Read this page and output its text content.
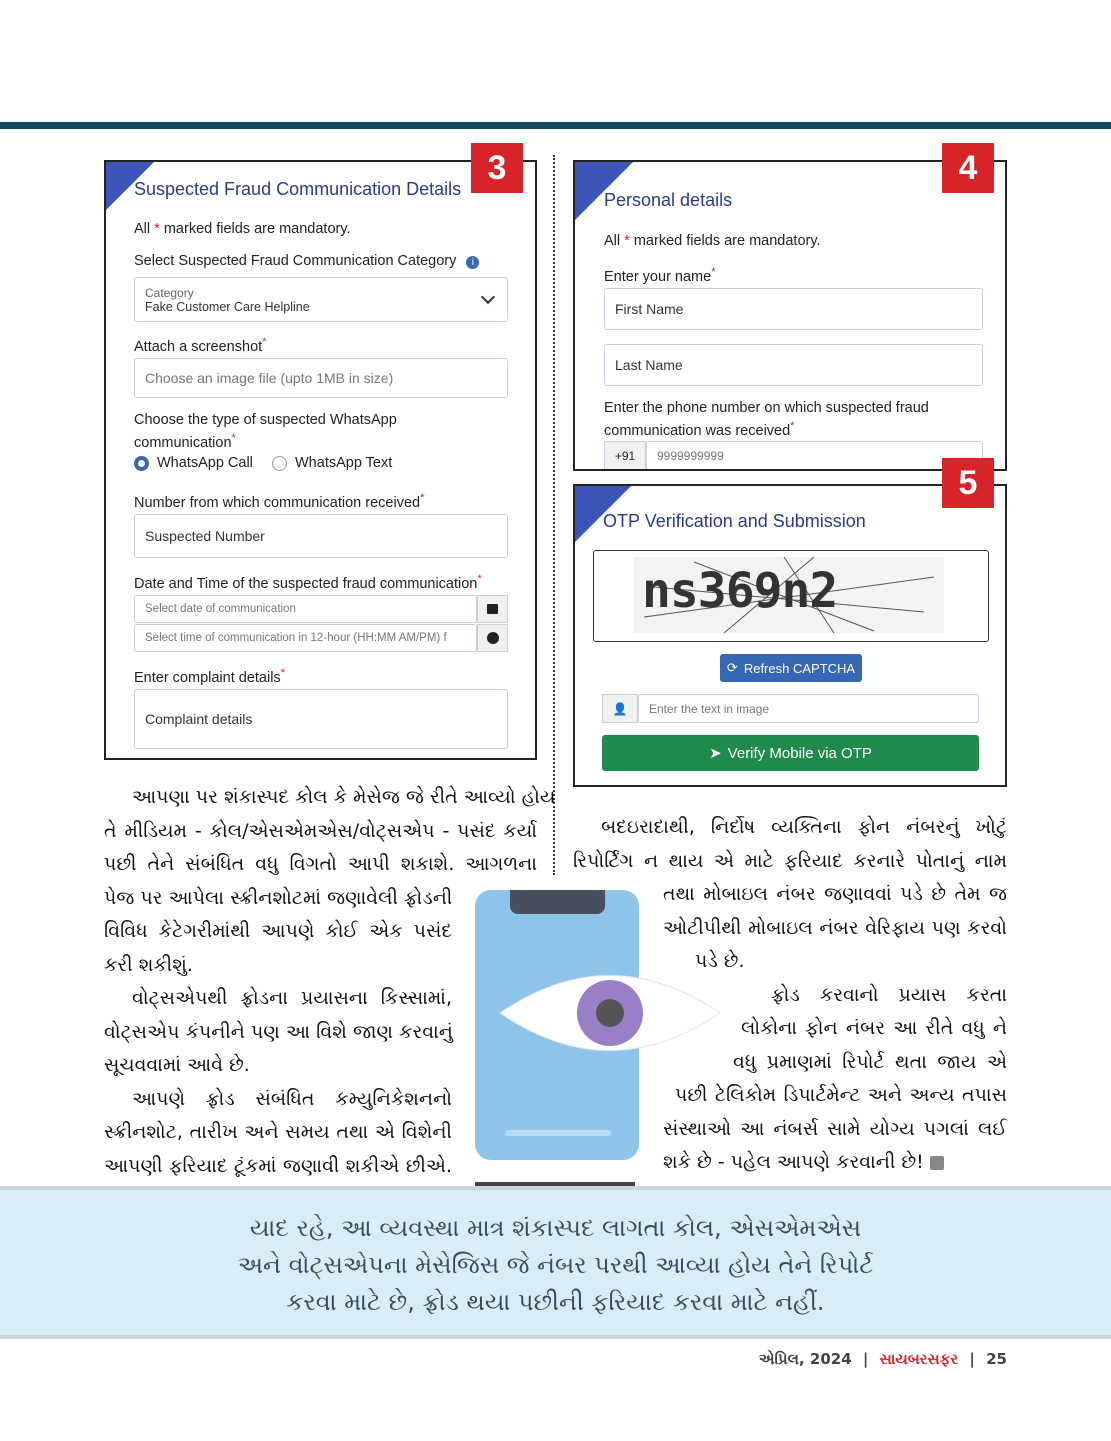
Suspected Fraud Communication Details
All * marked fields are mandatory.
Select Suspected Fraud Communication Category i
Category
Fake Customer Care Helpline
Attach a screenshot*
Choose an image file (upto 1MB in size)
Choose the type of suspected WhatsApp
communication*
WhatsApp Call	WhatsApp Text
Number from which communication received*
Suspected Number
Date and Time of the suspected fraud communication*
Select date of communication
Select time of communication in 12-hour (HH:MM AM/PM) f
Enter complaint details*
Complaint details
3
Personal details
All * marked fields are mandatory.
Enter your name*
First Name
Last Name
Enter the phone number on which suspected fraud
communication was received*
+91	9999999999
4
OTP Verification and Submission
ns369n2
⟳ Refresh CAPTCHA
👤	Enter the text in image
➤ Verify Mobile via OTP
5

આપણા પર શંકાસ્પદ કોલ કે મેસેજ જે રીતે આવ્યો હોય

તે મીડિયમ - કોલ/એસએમએસ/વોટ્સએપ - પસંદ કર્યા

પછી તેને સંબંધિત વધુ વિગતો આપી શકાશે. આગળના

પેજ પર આપેલા સ્ક્રીનશોટમાં જણાવેલી ફ્રોડની

વિવિધ કેટેગરીમાંથી આપણે કોઈ એક પસંદ

કરી શકીશું.

વોટ્સએપથી ફ્રોડના પ્રયાસના કિસ્સામાં,

વોટ્સએપ કંપનીને પણ આ વિશે જાણ કરવાનું

સૂચવવામાં આવે છે.

આપણે ફ્રોડ સંબંધિત કમ્યુનિકેશનનો

સ્ક્રીનશોટ, તારીખ અને સમય તથા એ વિશેની

આપણી ફરિયાદ ટૂંકમાં જણાવી શકીએ છીએ.

બદઇરાદાથી, નિર્દોષ વ્યક્તિના ફોન નંબરનું ખોટું

રિપોર્ટિંગ ન થાય એ માટે ફરિયાદ કરનારે પોતાનું નામ

તથા મોબાઇલ નંબર જણાવવાં પડે છે તેમ જ

ઓટીપીથી મોબાઇલ નંબર વેરિફાય પણ કરવો

પડે છે.

ફ્રોડ કરવાનો પ્રયાસ કરતા

લોકોના ફોન નંબર આ રીતે વધુ ને

વધુ પ્રમાણમાં રિપોર્ટ થતા જાય એ

પછી ટેલિકોમ ડિપાર્ટમેન્ટ અને અન્ય તપાસ

સંસ્થાઓ આ નંબર્સ સામે યોગ્ય પગલાં લઈ

શકે છે - પહેલ આપણે કરવાની છે!

યાદ રહે, આ વ્યવસ્થા માત્ર શંકાસ્પદ લાગતા કોલ, એસએમએસ
અને વોટ્સએપના મેસેજિસ જે નંબર પરથી આવ્યા હોય તેને રિપોર્ટ
કરવા માટે છે, ફ્રોડ થયા પછીની ફરિયાદ કરવા માટે નહીં.
એપ્રિલ, 2024 | સાયબરસફર | 25
